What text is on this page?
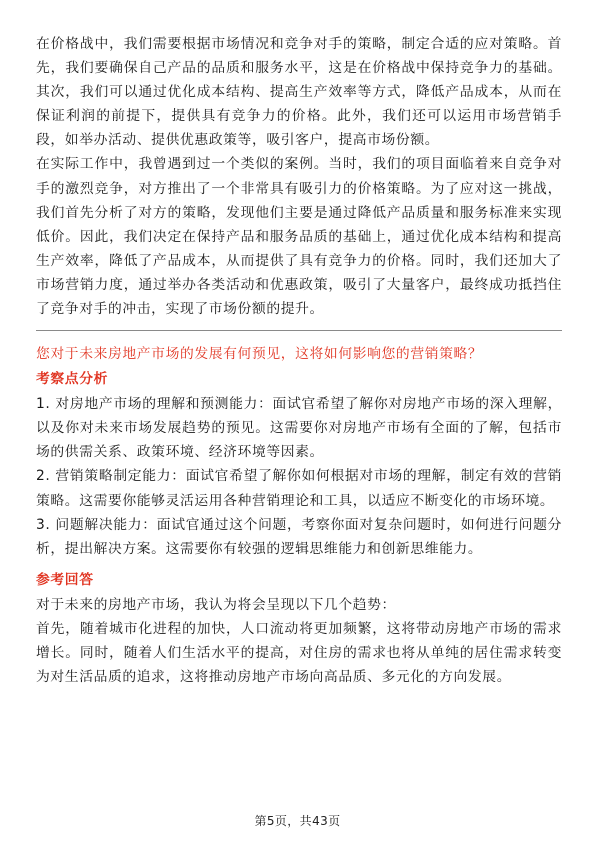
在价格战中，我们需要根据市场情况和竞争对手的策略，制定合适的应对策略。首先，我们要确保自己产品的品质和服务水平，这是在价格战中保持竞争力的基础。其次，我们可以通过优化成本结构、提高生产效率等方式，降低产品成本，从而在保证利润的前提下，提供具有竞争力的价格。此外，我们还可以运用市场营销手段，如举办活动、提供优惠政策等，吸引客户，提高市场份额。

在实际工作中，我曾遇到过一个类似的案例。当时，我们的项目面临着来自竞争对手的激烈竞争，对方推出了一个非常具有吸引力的价格策略。为了应对这一挑战，我们首先分析了对方的策略，发现他们主要是通过降低产品质量和服务标准来实现低价。因此，我们决定在保持产品和服务品质的基础上，通过优化成本结构和提高生产效率，降低了产品成本，从而提供了具有竞争力的价格。同时，我们还加大了市场营销力度，通过举办各类活动和优惠政策，吸引了大量客户，最终成功抵挡住了竞争对手的冲击，实现了市场份额的提升。

您对于未来房地产市场的发展有何预见，这将如何影响您的营销策略？
考察点分析

1. 对房地产市场的理解和预测能力：面试官希望了解你对房地产市场的深入理解，以及你对未来市场发展趋势的预见。这需要你对房地产市场有全面的了解，包括市场的供需关系、政策环境、经济环境等因素。

2. 营销策略制定能力：面试官希望了解你如何根据对市场的理解，制定有效的营销策略。这需要你能够灵活运用各种营销理论和工具，以适应不断变化的市场环境。

3. 问题解决能力：面试官通过这个问题，考察你面对复杂问题时，如何进行问题分析，提出解决方案。这需要你有较强的逻辑思维能力和创新思维能力。

参考回答

对于未来的房地产市场，我认为将会呈现以下几个趋势：

首先，随着城市化进程的加快，人口流动将更加频繁，这将带动房地产市场的需求增长。同时，随着人们生活水平的提高，对住房的需求也将从单纯的居住需求转变为对生活品质的追求，这将推动房地产市场向高品质、多元化的方向发展。

第5页，共43页
